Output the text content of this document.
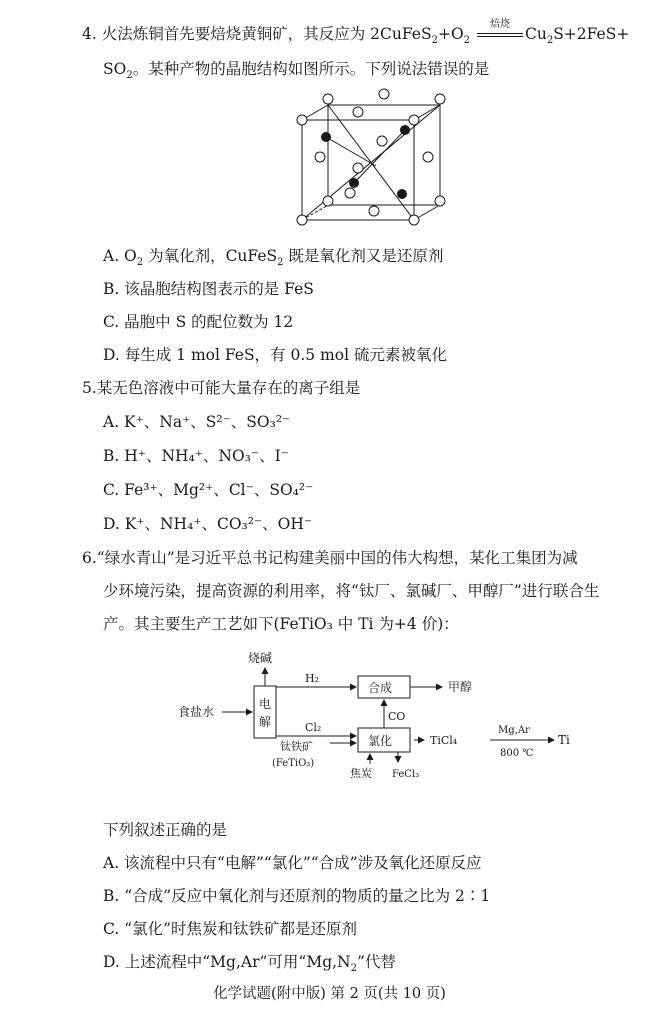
4. 火法炼铜首先要焙烧黄铜矿，其反应为 $2CuFeS_2+O_2$
焙烧
$Cu_2S+2FeS+$
$SO_2$。某种产物的晶胞结构如图所示。下列说法错误的是
A. $O_2$ 为氧化剂，CuFeS$_2$ 既是氧化剂又是还原剂
B. 该晶胞结构图表示的是 FeS
C. 晶胞中 S 的配位数为 12
D. 每生成 1 mol FeS，有 0.5 mol 硫元素被氧化
5.某无色溶液中可能大量存在的离子组是
A. K⁺、Na⁺、S²⁻、SO₃²⁻
B. H⁺、NH₄⁺、NO₃⁻、I⁻
C. Fe³⁺、Mg²⁺、Cl⁻、SO₄²⁻
D. K⁺、NH₄⁺、CO₃²⁻、OH⁻
6.“绿水青山”是习近平总书记构建美丽中国的伟大构想，某化工集团为减
少环境污染，提高资源的利用率，将“钛厂、氯碱厂、甲醇厂”进行联合生
产。其主要生产工艺如下(FeTiO₃ 中 Ti 为+4 价)：
食盐水
电
解
烧碱
H₂
Cl₂
合成	甲醇
CO
氯化
钛铁矿
(FeTiO₃)
焦炭 FeCl₃
TiCl₄
Mg,Ar
800 ℃
Ti
下列叙述正确的是
A. 该流程中只有“电解”“氯化”“合成”涉及氧化还原反应
B. “合成”反应中氧化剂与还原剂的物质的量之比为 2∶1
C. “氯化”时焦炭和钛铁矿都是还原剂
D. 上述流程中“Mg,Ar”可用“$Mg,N_2$”代替
化学试题(附中版) 第 2 页(共 10 页)
